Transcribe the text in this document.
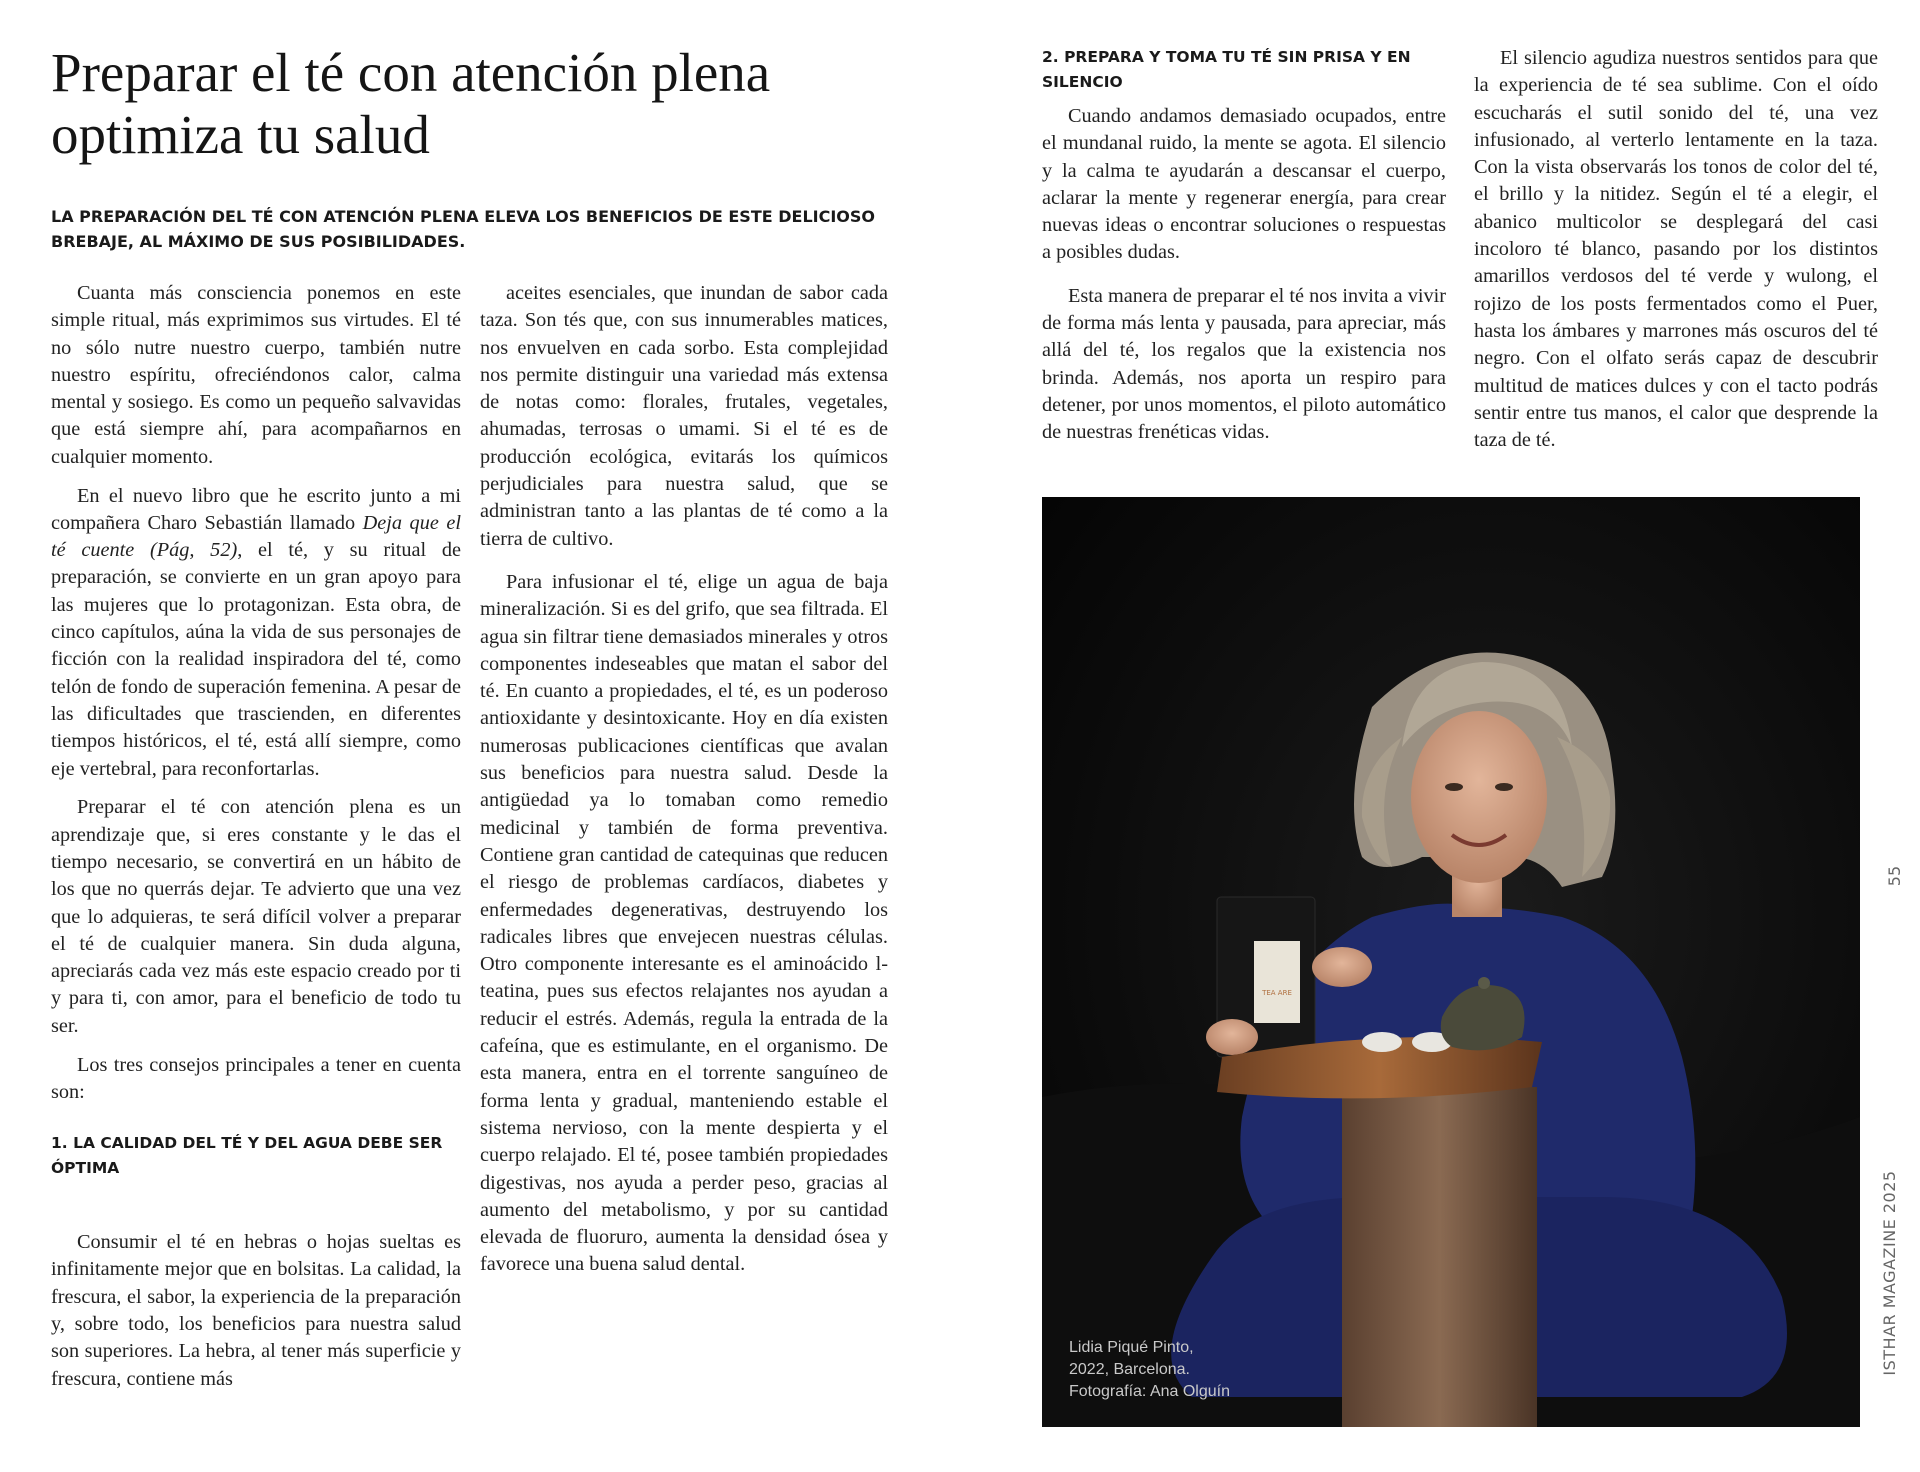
Preparar el té con atención plena
optimiza tu salud

LA PREPARACIÓN DEL TÉ CON ATENCIÓN PLENA ELEVA LOS BENEFICIOS DE ESTE DELICIOSO BREBAJE, AL MÁXIMO DE SUS POSIBILIDADES.

Cuanta más consciencia ponemos en este simple ritual, más exprimimos sus virtudes. El té no sólo nutre nuestro cuerpo, también nutre nuestro espíritu, ofreciéndonos calor, calma mental y sosiego. Es como un pequeño salvavidas que está siempre ahí, para acompañarnos en cualquier momento.

En el nuevo libro que he escrito junto a mi compañera Charo Sebastián llamado Deja que el té cuente (Pág, 52), el té, y su ritual de preparación, se convierte en un gran apoyo para las mujeres que lo protagonizan. Esta obra, de cinco capítulos, aúna la vida de sus personajes de ficción con la realidad inspiradora del té, como telón de fondo de superación femenina. A pesar de las dificultades que trascienden, en diferentes tiempos históricos, el té, está allí siempre, como eje vertebral, para reconfortarlas.

Preparar el té con atención plena es un aprendizaje que, si eres constante y le das el tiempo necesario, se convertirá en un hábito de los que no querrás dejar. Te advierto que una vez que lo adquieras, te será difícil volver a preparar el té de cualquier manera. Sin duda alguna, apreciarás cada vez más este espacio creado por ti y para ti, con amor, para el beneficio de todo tu ser.

Los tres consejos principales a tener en cuenta son:

1. LA CALIDAD DEL TÉ Y DEL AGUA DEBE SER ÓPTIMA

Consumir el té en hebras o hojas sueltas es infinitamente mejor que en bolsitas. La calidad, la frescura, el sabor, la experiencia de la preparación y, sobre todo, los beneficios para nuestra salud son superiores. La hebra, al tener más superficie y frescura, contiene más

aceites esenciales, que inundan de sabor cada taza. Son tés que, con sus innumerables matices, nos envuelven en cada sorbo. Esta complejidad nos permite distinguir una variedad más extensa de notas como: florales, frutales, vegetales, ahumadas, terrosas o umami. Si el té es de producción ecológica, evitarás los químicos perjudiciales para nuestra salud, que se administran tanto a las plantas de té como a la tierra de cultivo.

Para infusionar el té, elige un agua de baja mineralización. Si es del grifo, que sea filtrada. El agua sin filtrar tiene demasiados minerales y otros componentes indeseables que matan el sabor del té. En cuanto a propiedades, el té, es un poderoso antioxidante y desintoxicante. Hoy en día existen numerosas publicaciones científicas que avalan sus beneficios para nuestra salud. Desde la antigüedad ya lo tomaban como remedio medicinal y también de forma preventiva. Contiene gran cantidad de catequinas que reducen el riesgo de problemas cardíacos, diabetes y enfermedades degenerativas, destruyendo los radicales libres que envejecen nuestras células. Otro componente interesante es el aminoácido l-teatina, pues sus efectos relajantes nos ayudan a reducir el estrés. Además, regula la entrada de la cafeína, que es estimulante, en el organismo. De esta manera, entra en el torrente sanguíneo de forma lenta y gradual, manteniendo estable el sistema nervioso, con la mente despierta y el cuerpo relajado. El té, posee también propiedades digestivas, nos ayuda a perder peso, gracias al aumento del metabolismo, y por su cantidad elevada de fluoruro, aumenta la densidad ósea y favorece una buena salud dental.

2. PREPARA Y TOMA TU TÉ SIN PRISA Y EN SILENCIO

Cuando andamos demasiado ocupados, entre el mundanal ruido, la mente se agota. El silencio y la calma te ayudarán a descansar el cuerpo, aclarar la mente y regenerar energía, para crear nuevas ideas o encontrar soluciones o respuestas a posibles dudas.

Esta manera de preparar el té nos invita a vivir de forma más lenta y pausada, para apreciar, más allá del té, los regalos que la existencia nos brinda. Además, nos aporta un respiro para detener, por unos momentos, el piloto automático de nuestras frenéticas vidas.

El silencio agudiza nuestros sentidos para que la experiencia de té sea sublime. Con el oído escucharás el sutil sonido del té, una vez infusionado, al verterlo lentamente en la taza. Con la vista observarás los tonos de color del té, el brillo y la nitidez. Según el té a elegir, el abanico multicolor se desplegará del casi incoloro té blanco, pasando por los distintos amarillos verdosos del té verde y wulong, el rojizo de los posts fermentados como el Puer, hasta los ámbares y marrones más oscuros del té negro. Con el olfato serás capaz de descubrir multitud de matices dulces y con el tacto podrás sentir entre tus manos, el calor que desprende la taza de té.

TEA ARE
Lidia Piqué Pinto,
2022, Barcelona.
Fotografía: Ana Olguín
55
ISTHAR MAGAZINE 2025
